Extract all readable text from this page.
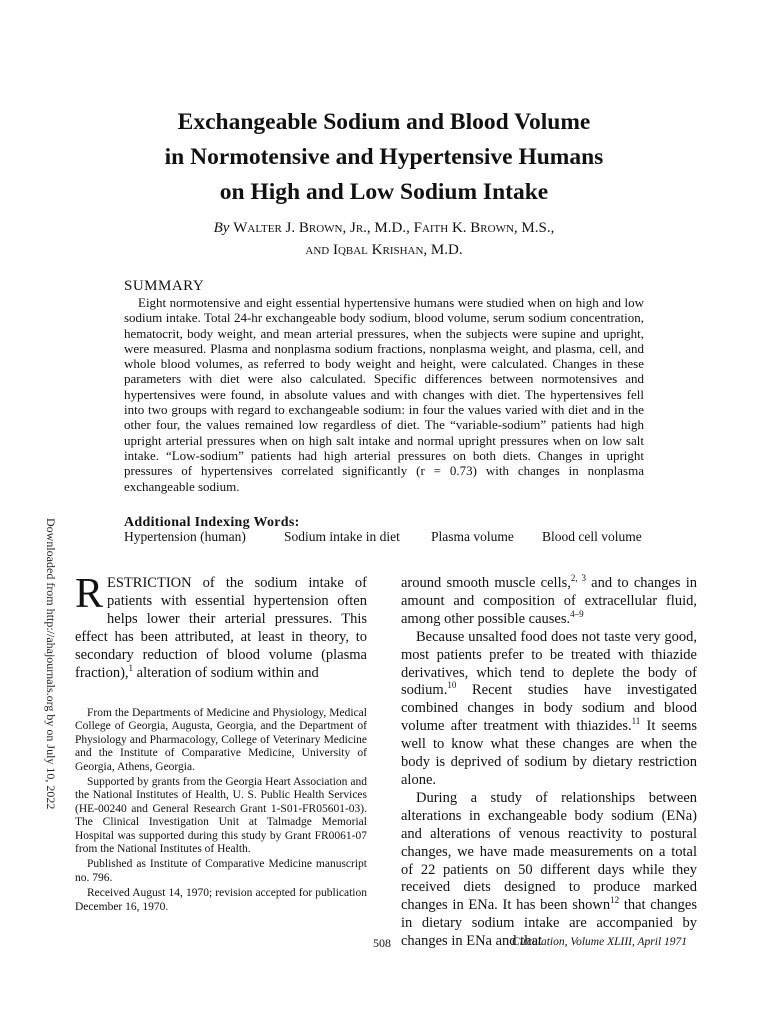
Downloaded from http://ahajournals.org by on July 10, 2022
Exchangeable Sodium and Blood Volume
in Normotensive and Hypertensive Humans
on High and Low Sodium Intake
By Walter J. Brown, Jr., M.D., Faith K. Brown, M.S.,
and Iqbal Krishan, M.D.
SUMMARY
Eight normotensive and eight essential hypertensive humans were studied when on high and low sodium intake. Total 24-hr exchangeable body sodium, blood volume, serum sodium concentration, hematocrit, body weight, and mean arterial pressures, when the subjects were supine and upright, were measured. Plasma and nonplasma sodium fractions, nonplasma weight, and plasma, cell, and whole blood volumes, as referred to body weight and height, were calculated. Changes in these parameters with diet were also calculated. Specific differences between normotensives and hypertensives were found, in absolute values and with changes with diet. The hypertensives fell into two groups with regard to exchangeable sodium: in four the values varied with diet and in the other four, the values remained low regardless of diet. The “variable-sodium” patients had high upright arterial pressures when on high salt intake and normal upright pressures when on low salt intake. “Low-sodium” patients had high arterial pressures on both diets. Changes in upright pressures of hypertensives correlated significantly (r = 0.73) with changes in nonplasma exchangeable sodium.
Additional Indexing Words:
Hypertension (human)	Sodium intake in diet Plasma volume Blood cell volume

RESTRICTION of the sodium intake of patients with essential hypertension often helps lower their arterial pressures. This effect has been attributed, at least in theory, to secondary reduction of blood volume (plasma fraction),$^1$ alteration of sodium within and

From the Departments of Medicine and Physiology, Medical College of Georgia, Augusta, Georgia, and the Department of Physiology and Pharmacology, College of Veterinary Medicine and the Institute of Comparative Medicine, University of Georgia, Athens, Georgia.

Supported by grants from the Georgia Heart Association and the National Institutes of Health, U. S. Public Health Services (HE-00240 and General Research Grant 1-S01-FR05601-03). The Clinical Investigation Unit at Talmadge Memorial Hospital was supported during this study by Grant FR0061-07 from the National Institutes of Health.

Published as Institute of Comparative Medicine manuscript no. 796.

Received August 14, 1970; revision accepted for publication December 16, 1970.

around smooth muscle cells,$^{2, 3}$ and to changes in amount and composition of extracellular fluid, among other possible causes.$^{4-9}$

Because unsalted food does not taste very good, most patients prefer to be treated with thiazide derivatives, which tend to deplete the body of sodium.$^{10}$ Recent studies have investigated combined changes in body sodium and blood volume after treatment with thiazides.$^{11}$ It seems well to know what these changes are when the body is deprived of sodium by dietary restriction alone.

During a study of relationships between alterations in exchangeable body sodium (ENa) and alterations of venous reactivity to postural changes, we have made measurements on a total of 22 patients on 50 different days while they received diets designed to produce marked changes in ENa. It has been shown$^{12}$ that changes in dietary sodium intake are accompanied by changes in ENa and that

508	Circulation, Volume XLIII, April 1971
